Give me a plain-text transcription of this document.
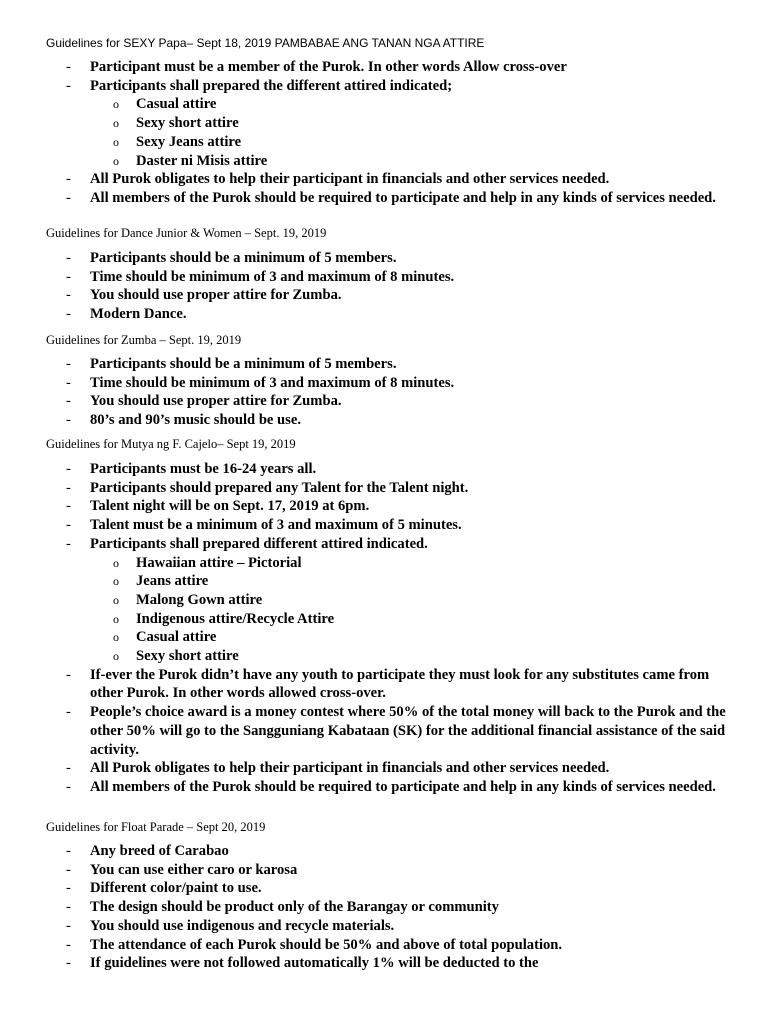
Guidelines for SEXY Papa– Sept 18, 2019 PAMBABAE ANG TANAN NGA ATTIRE
- Participant must be a member of the Purok. In other words Allow cross-over
- Participants shall prepared the different attired indicated;
o Casual attire
o Sexy short attire
o Sexy Jeans attire
o Daster ni Misis attire
- All Purok obligates to help their participant in financials and other services needed.
- All members of the Purok should be required to participate and help in any kinds of services needed.
Guidelines for Dance Junior & Women – Sept. 19, 2019
- Participants should be a minimum of 5 members.
- Time should be minimum of 3 and maximum of 8 minutes.
- You should use proper attire for Zumba.
- Modern Dance.
Guidelines for Zumba – Sept. 19, 2019
- Participants should be a minimum of 5 members.
- Time should be minimum of 3 and maximum of 8 minutes.
- You should use proper attire for Zumba.
- 80’s and 90’s music should be use.
Guidelines for Mutya ng F. Cajelo– Sept 19, 2019
- Participants must be 16-24 years all.
- Participants should prepared any Talent for the Talent night.
- Talent night will be on Sept. 17, 2019 at 6pm.
- Talent must be a minimum of 3 and maximum of 5 minutes.
- Participants shall prepared different attired indicated.
o Hawaiian attire – Pictorial
o Jeans attire
o Malong Gown attire
o Indigenous attire/Recycle Attire
o Casual attire
o Sexy short attire
- If-ever the Purok didn’t have any youth to participate they must look for any substitutes came from other Purok. In other words allowed cross-over.
- People’s choice award is a money contest where 50% of the total money will back to the Purok and the other 50% will go to the Sangguniang Kabataan (SK) for the additional financial assistance of the said activity.
- All Purok obligates to help their participant in financials and other services needed.
- All members of the Purok should be required to participate and help in any kinds of services needed.
Guidelines for Float Parade – Sept 20, 2019
- Any breed of Carabao
- You can use either caro or karosa
- Different color/paint to use.
- The design should be product only of the Barangay or community
- You should use indigenous and recycle materials.
- The attendance of each Purok should be 50% and above of total population.
- If guidelines were not followed automatically 1% will be deducted to the
